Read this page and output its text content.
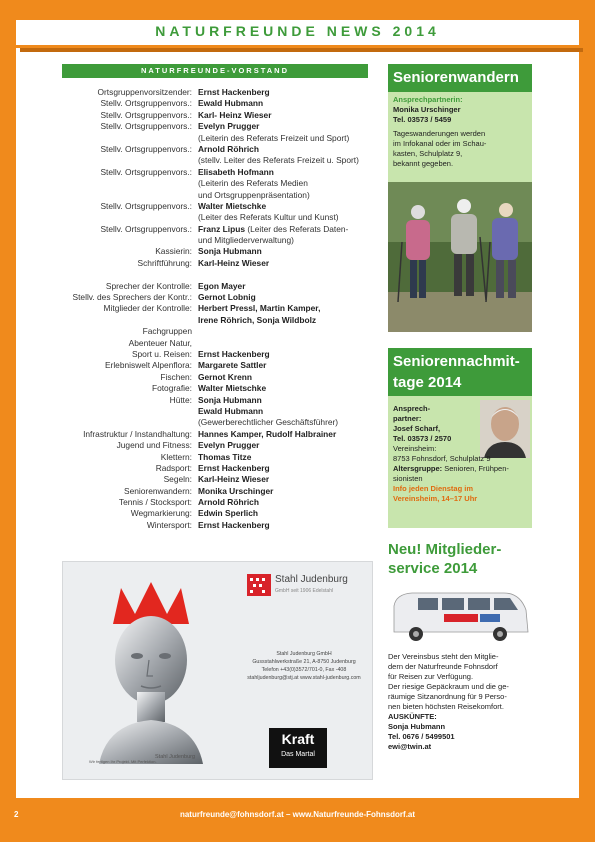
NATURFREUNDE NEWS 2014
NATURFREUNDE-VORSTAND
Ortsgruppenvorsitzender: Ernst Hackenberg
Stellv. Ortsgruppenvors.: Ewald Hubmann
Stellv. Ortsgruppenvors.: Karl- Heinz Wieser
Stellv. Ortsgruppenvors.: Evelyn Prugger
(Leiterin des Referats Freizeit und Sport)
Stellv. Ortsgruppenvors.: Arnold Röhrich
(stellv. Leiter des Referats Freizeit u. Sport)
Stellv. Ortsgruppenvors.: Elisabeth Hofmann
(Leiterin des Referats Medien
und Ortsgruppenpräsentation)
Stellv. Ortsgruppenvors.: Walter Mietschke
(Leiter des Referats Kultur und Kunst)
Stellv. Ortsgruppenvors.: Franz Lipus (Leiter des Referats Daten-
und Mitgliederverwaltung)
Kassierin: Sonja Hubmann
Schriftführung: Karl-Heinz Wieser
Sprecher der Kontrolle: Egon Mayer
Stellv. des Sprechers der Kontr.: Gernot Lobnig
Mitglieder der Kontrolle: Herbert Pressl, Martin Kamper,
Irene Röhrich, Sonja Wildbolz
Fachgruppen
Abenteuer Natur,
Sport u. Reisen: Ernst Hackenberg
Erlebniswelt Alpenflora: Margarete Sattler
Fischen: Gernot Krenn
Fotografie: Walter Mietschke
Hütte: Sonja Hubmann
Ewald Hubmann
(Gewerberechtlicher Geschäftsführer)
Infrastruktur / Instandhaltung: Hannes Kamper, Rudolf Halbrainer
Jugend und Fitness: Evelyn Prugger
Klettern: Thomas Titze
Radsport: Ernst Hackenberg
Segeln: Karl-Heinz Wieser
Seniorenwandern: Monika Urschinger
Tennis / Stocksport: Arnold Röhrich
Wegmarkierung: Edwin Sperlich
Wintersport: Ernst Hackenberg
Stahl Judenburg
GmbH seit 1906 Edelstahl
Stahl Judenburg GmbH
Gussstahlwerkstraße 21, A-8750 Judenburg
Telefon +43(0)3572/701-0, Fax -408
stahljudenburg@stj.at www.stahl-judenburg.com
Wir fertigen Ihr Projekt. Mit Perfektion.
Stahl Judenburg
Kraft
Das Martal
Seniorenwandern
Ansprechpartnerin:
Monika Urschinger
Tel. 03573 / 5459
Tageswanderungen werden
im Infokanal oder im Schau-
kasten, Schulplatz 9,
bekannt gegeben.
Seniorennachmit-
tage 2014
Ansprech-
partner:
Josef Scharf,
Tel. 03573 / 2570
Vereinsheim:
8753 Fohnsdorf, Schulplatz 9
Altersgruppe: Senioren, Frühpen-
sionisten
Info jeden Dienstag im
Vereinsheim, 14–17 Uhr
Neu! Mitglieder-
service 2014
Der Vereinsbus steht den Mitglie-
dern der Naturfreunde Fohnsdorf
für Reisen zur Verfügung.
Der riesige Gepäckraum und die ge-
räumige Sitzanordnung für 9 Perso-
nen bieten höchsten Reisekomfort.
AUSKÜNFTE:
Sonja Hubmann
Tel. 0676 / 5499501
ewi@twin.at
2	naturfreunde@fohnsdorf.at – www.Naturfreunde-Fohnsdorf.at
